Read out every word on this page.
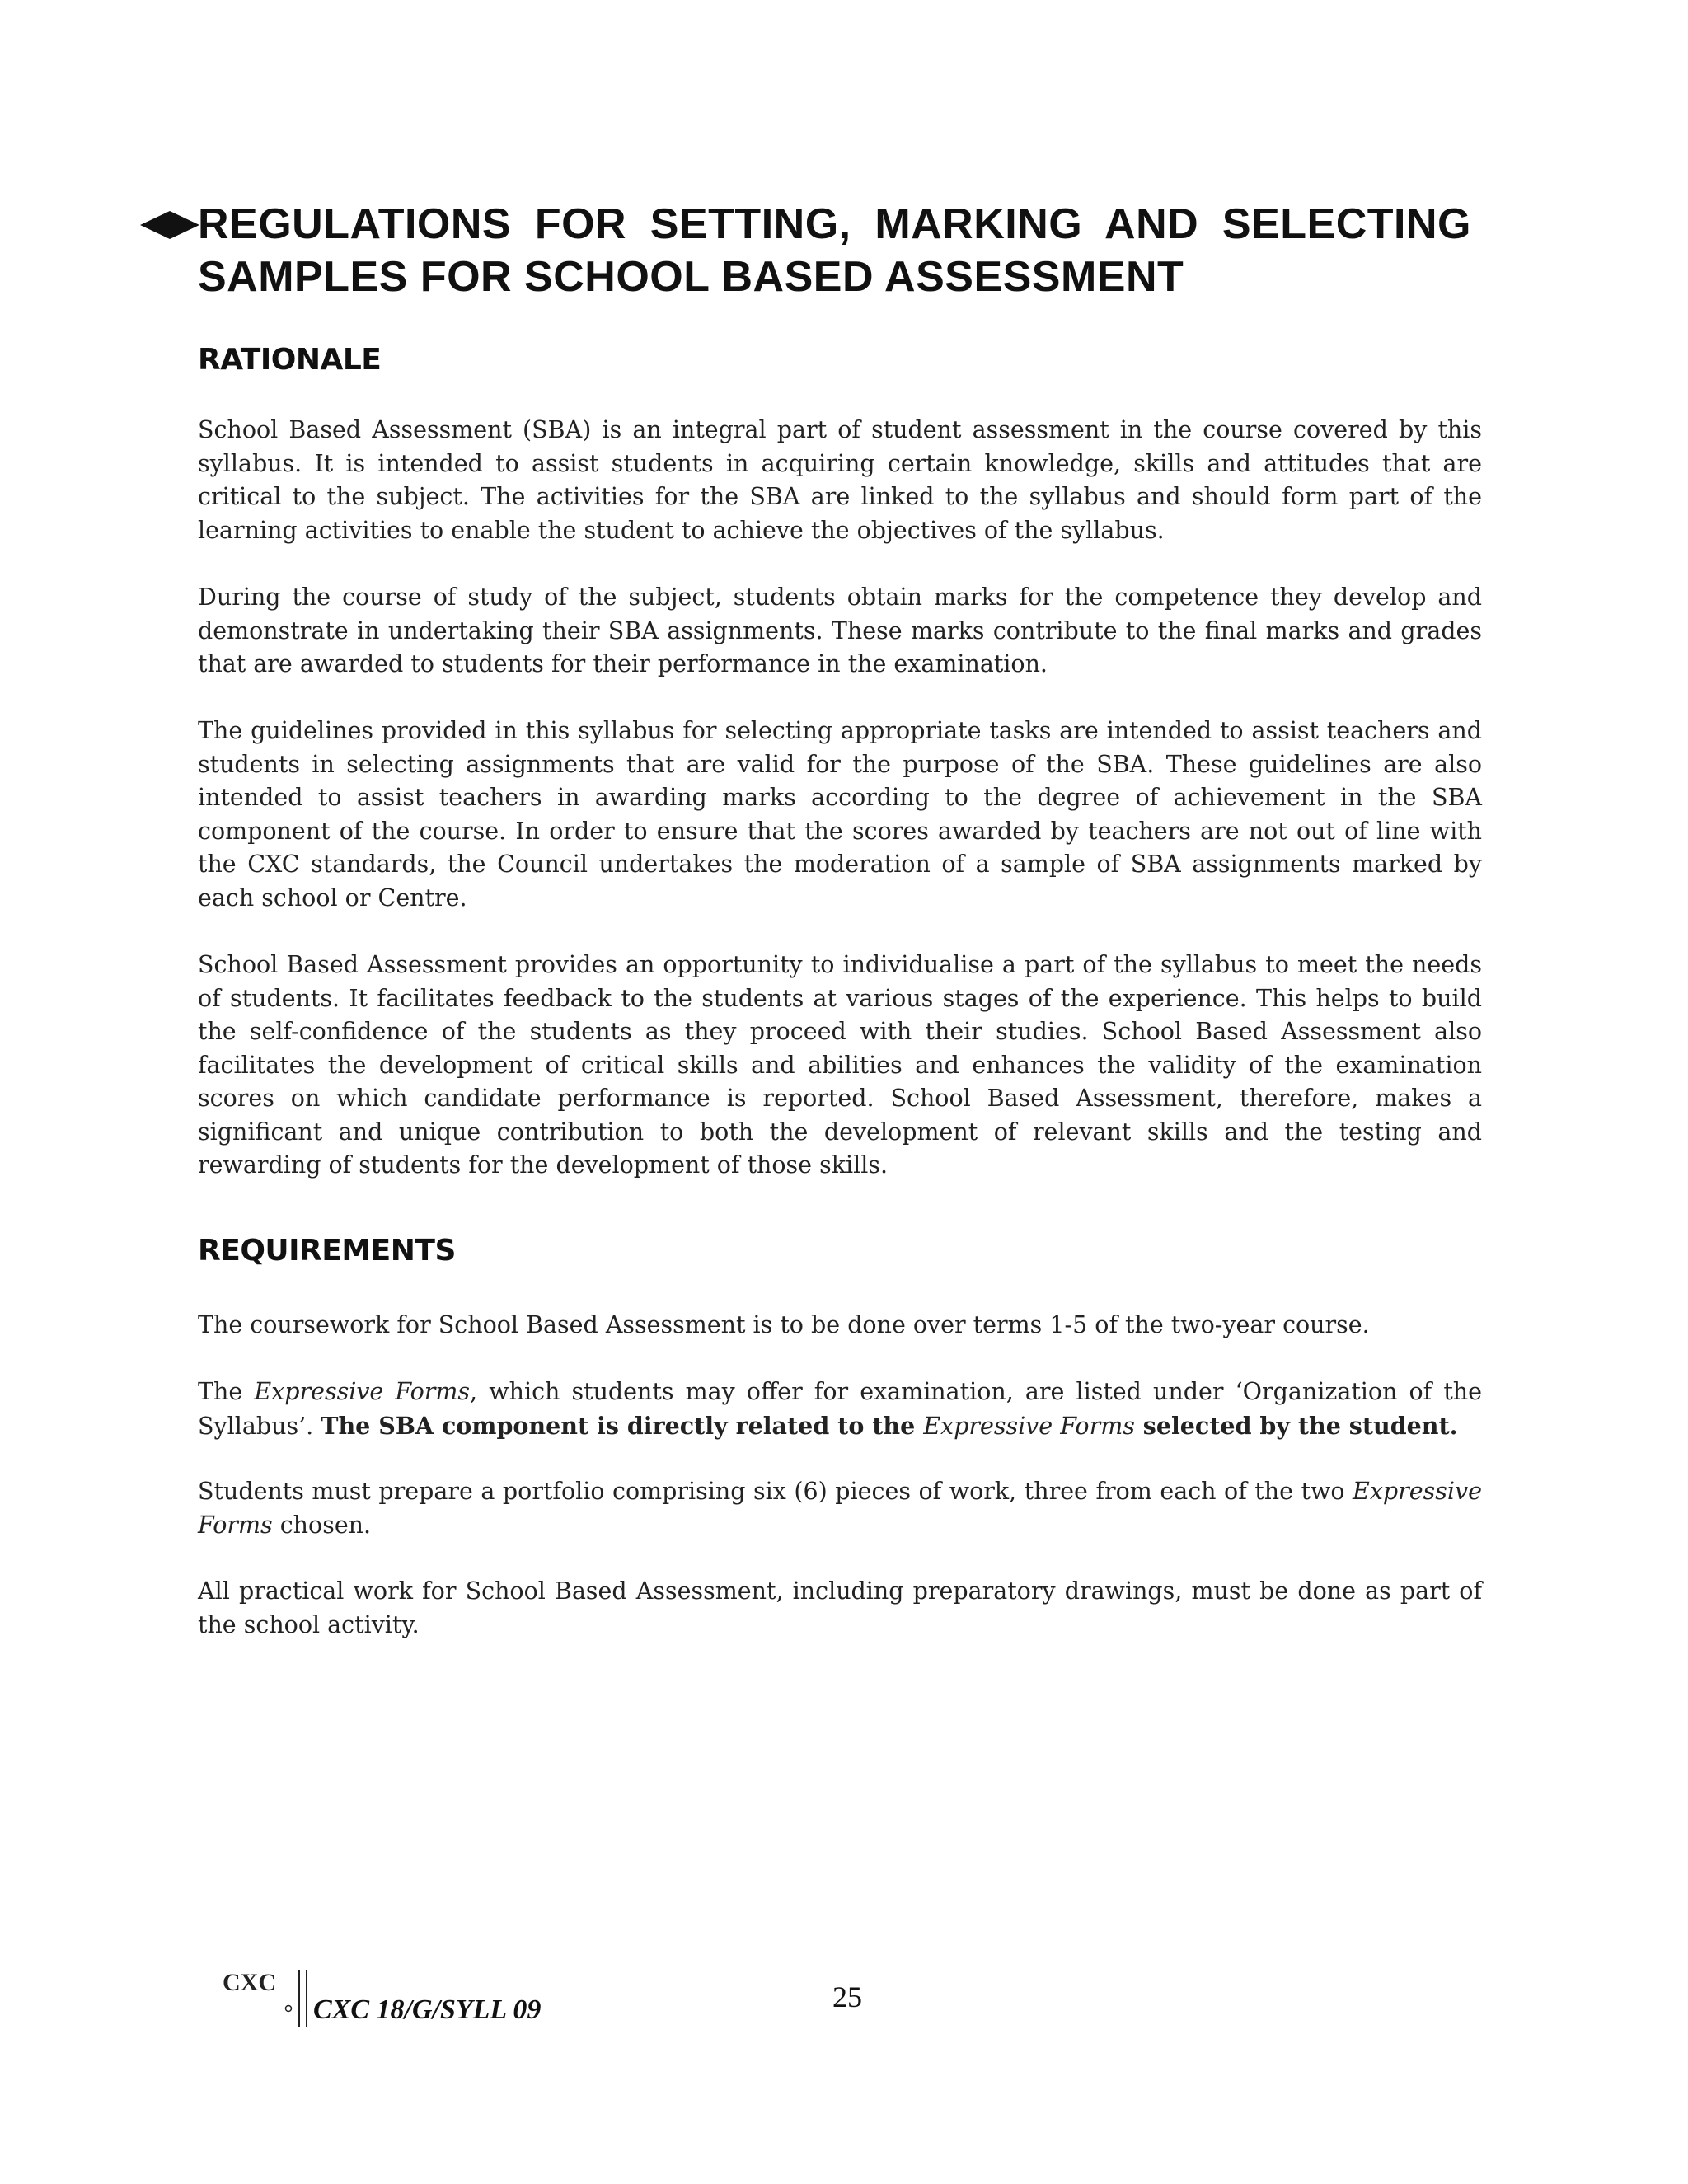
REGULATIONS FOR SETTING, MARKING AND SELECTING

SAMPLES FOR SCHOOL BASED ASSESSMENT

RATIONALE

School Based Assessment (SBA) is an integral part of student assessment in the course covered by this syllabus. It is intended to assist students in acquiring certain knowledge, skills and attitudes that are critical to the subject. The activities for the SBA are linked to the syllabus and should form part of the learning activities to enable the student to achieve the objectives of the syllabus.

During the course of study of the subject, students obtain marks for the competence they develop and demonstrate in undertaking their SBA assignments. These marks contribute to the final marks and grades that are awarded to students for their performance in the examination.

The guidelines provided in this syllabus for selecting appropriate tasks are intended to assist teachers and students in selecting assignments that are valid for the purpose of the SBA. These guidelines are also intended to assist teachers in awarding marks according to the degree of achievement in the SBA component of the course. In order to ensure that the scores awarded by teachers are not out of line with the CXC standards, the Council undertakes the moderation of a sample of SBA assignments marked by each school or Centre.

School Based Assessment provides an opportunity to individualise a part of the syllabus to meet the needs of students. It facilitates feedback to the students at various stages of the experience. This helps to build the self-confidence of the students as they proceed with their studies. School Based Assessment also facilitates the development of critical skills and abilities and enhances the validity of the examination scores on which candidate performance is reported. School Based Assessment, therefore, makes a significant and unique contribution to both the development of relevant skills and the testing and rewarding of students for the development of those skills.

REQUIREMENTS

The coursework for School Based Assessment is to be done over terms 1-5 of the two-year course.

The Expressive Forms, which students may offer for examination, are listed under ‘Organization of the Syllabus’. The SBA component is directly related to the Expressive Forms selected by the student.

Students must prepare a portfolio comprising six (6) pieces of work, three from each of the two Expressive Forms chosen.

All practical work for School Based Assessment, including preparatory drawings, must be done as part of the school activity.

CXC
CXC 18/G/SYLL 09	25
